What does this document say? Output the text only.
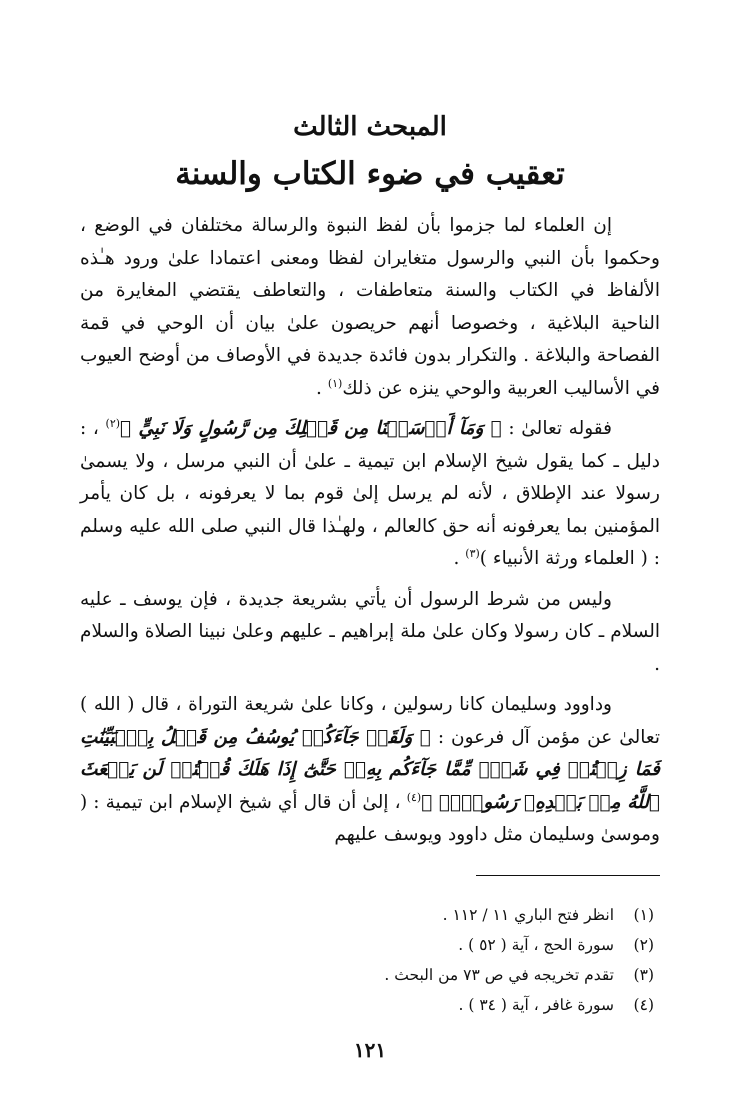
المبحث الثالث
تعقيب في ضوء الكتاب والسنة

إن العلماء لما جزموا بأن لفظ النبوة والرسالة مختلفان في الوضع ، وحكموا بأن النبي والرسول متغايران لفظا ومعنى اعتمادا علىٰ ورود هـٰذه الألفاظ في الكتاب والسنة متعاطفات ، والتعاطف يقتضي المغايرة من الناحية البلاغية ، وخصوصا أنهم حريصون علىٰ بيان أن الوحي في قمة الفصاحة والبلاغة . والتكرار بدون فائدة جديدة في الأوصاف من أوضح العيوب في الأساليب العربية والوحي ينزه عن ذلك$^{(١)}$ .

فقوله تعالىٰ : ﴿ وَمَآ أَرۡسَلۡنَا مِن قَبۡلِكَ مِن رَّسُولٍ وَلَا نَبِيٍّ ﴾$^{(٢)}$ ، : دليل ـ كما يقول شيخ الإسلام ابن تيمية ـ علىٰ أن النبي مرسل ، ولا يسمىٰ رسولا عند الإطلاق ، لأنه لم يرسل إلىٰ قوم بما لا يعرفونه ، بل كان يأمر المؤمنين بما يعرفونه أنه حق كالعالم ، ولهـٰذا قال النبي صلى الله عليه وسلم : ( العلماء ورثة الأنبياء )$^{(٣)}$ .

وليس من شرط الرسول أن يأتي بشريعة جديدة ، فإن يوسف ـ عليه السلام ـ كان رسولا وكان علىٰ ملة إبراهيم ـ عليهم وعلىٰ نبينا الصلاة والسلام .

وداوود وسليمان كانا رسولين ، وكانا علىٰ شريعة التوراة ، قال ( الله ) تعالىٰ عن مؤمن آل فرعون : ﴿ وَلَقَدۡ جَآءَكُمۡ يُوسُفُ مِن قَبۡلُ بِٱلۡبَيِّنَٰتِ فَمَا زِلۡتُمۡ فِي شَكّٖ مِّمَّا جَآءَكُم بِهِۦۖ حَتَّىٰٓ إِذَا هَلَكَ قُلۡتُمۡ لَن يَبۡعَثَ ٱللَّهُ مِنۢ بَعۡدِهِۦ رَسُولٗاۚ ﴾$^{(٤)}$ ، إلىٰ أن قال أي شيخ الإسلام ابن تيمية : ( وموسىٰ وسليمان مثل داوود ويوسف عليهم

(١)
انظر فتح الباري ١١ / ١١٢ .
(٢)
سورة الحج ، آية ( ٥٢ ) .
(٣)
تقدم تخريجه في ص ٧٣ من البحث .
(٤)
سورة غافر ، آية ( ٣٤ ) .
١٢١
